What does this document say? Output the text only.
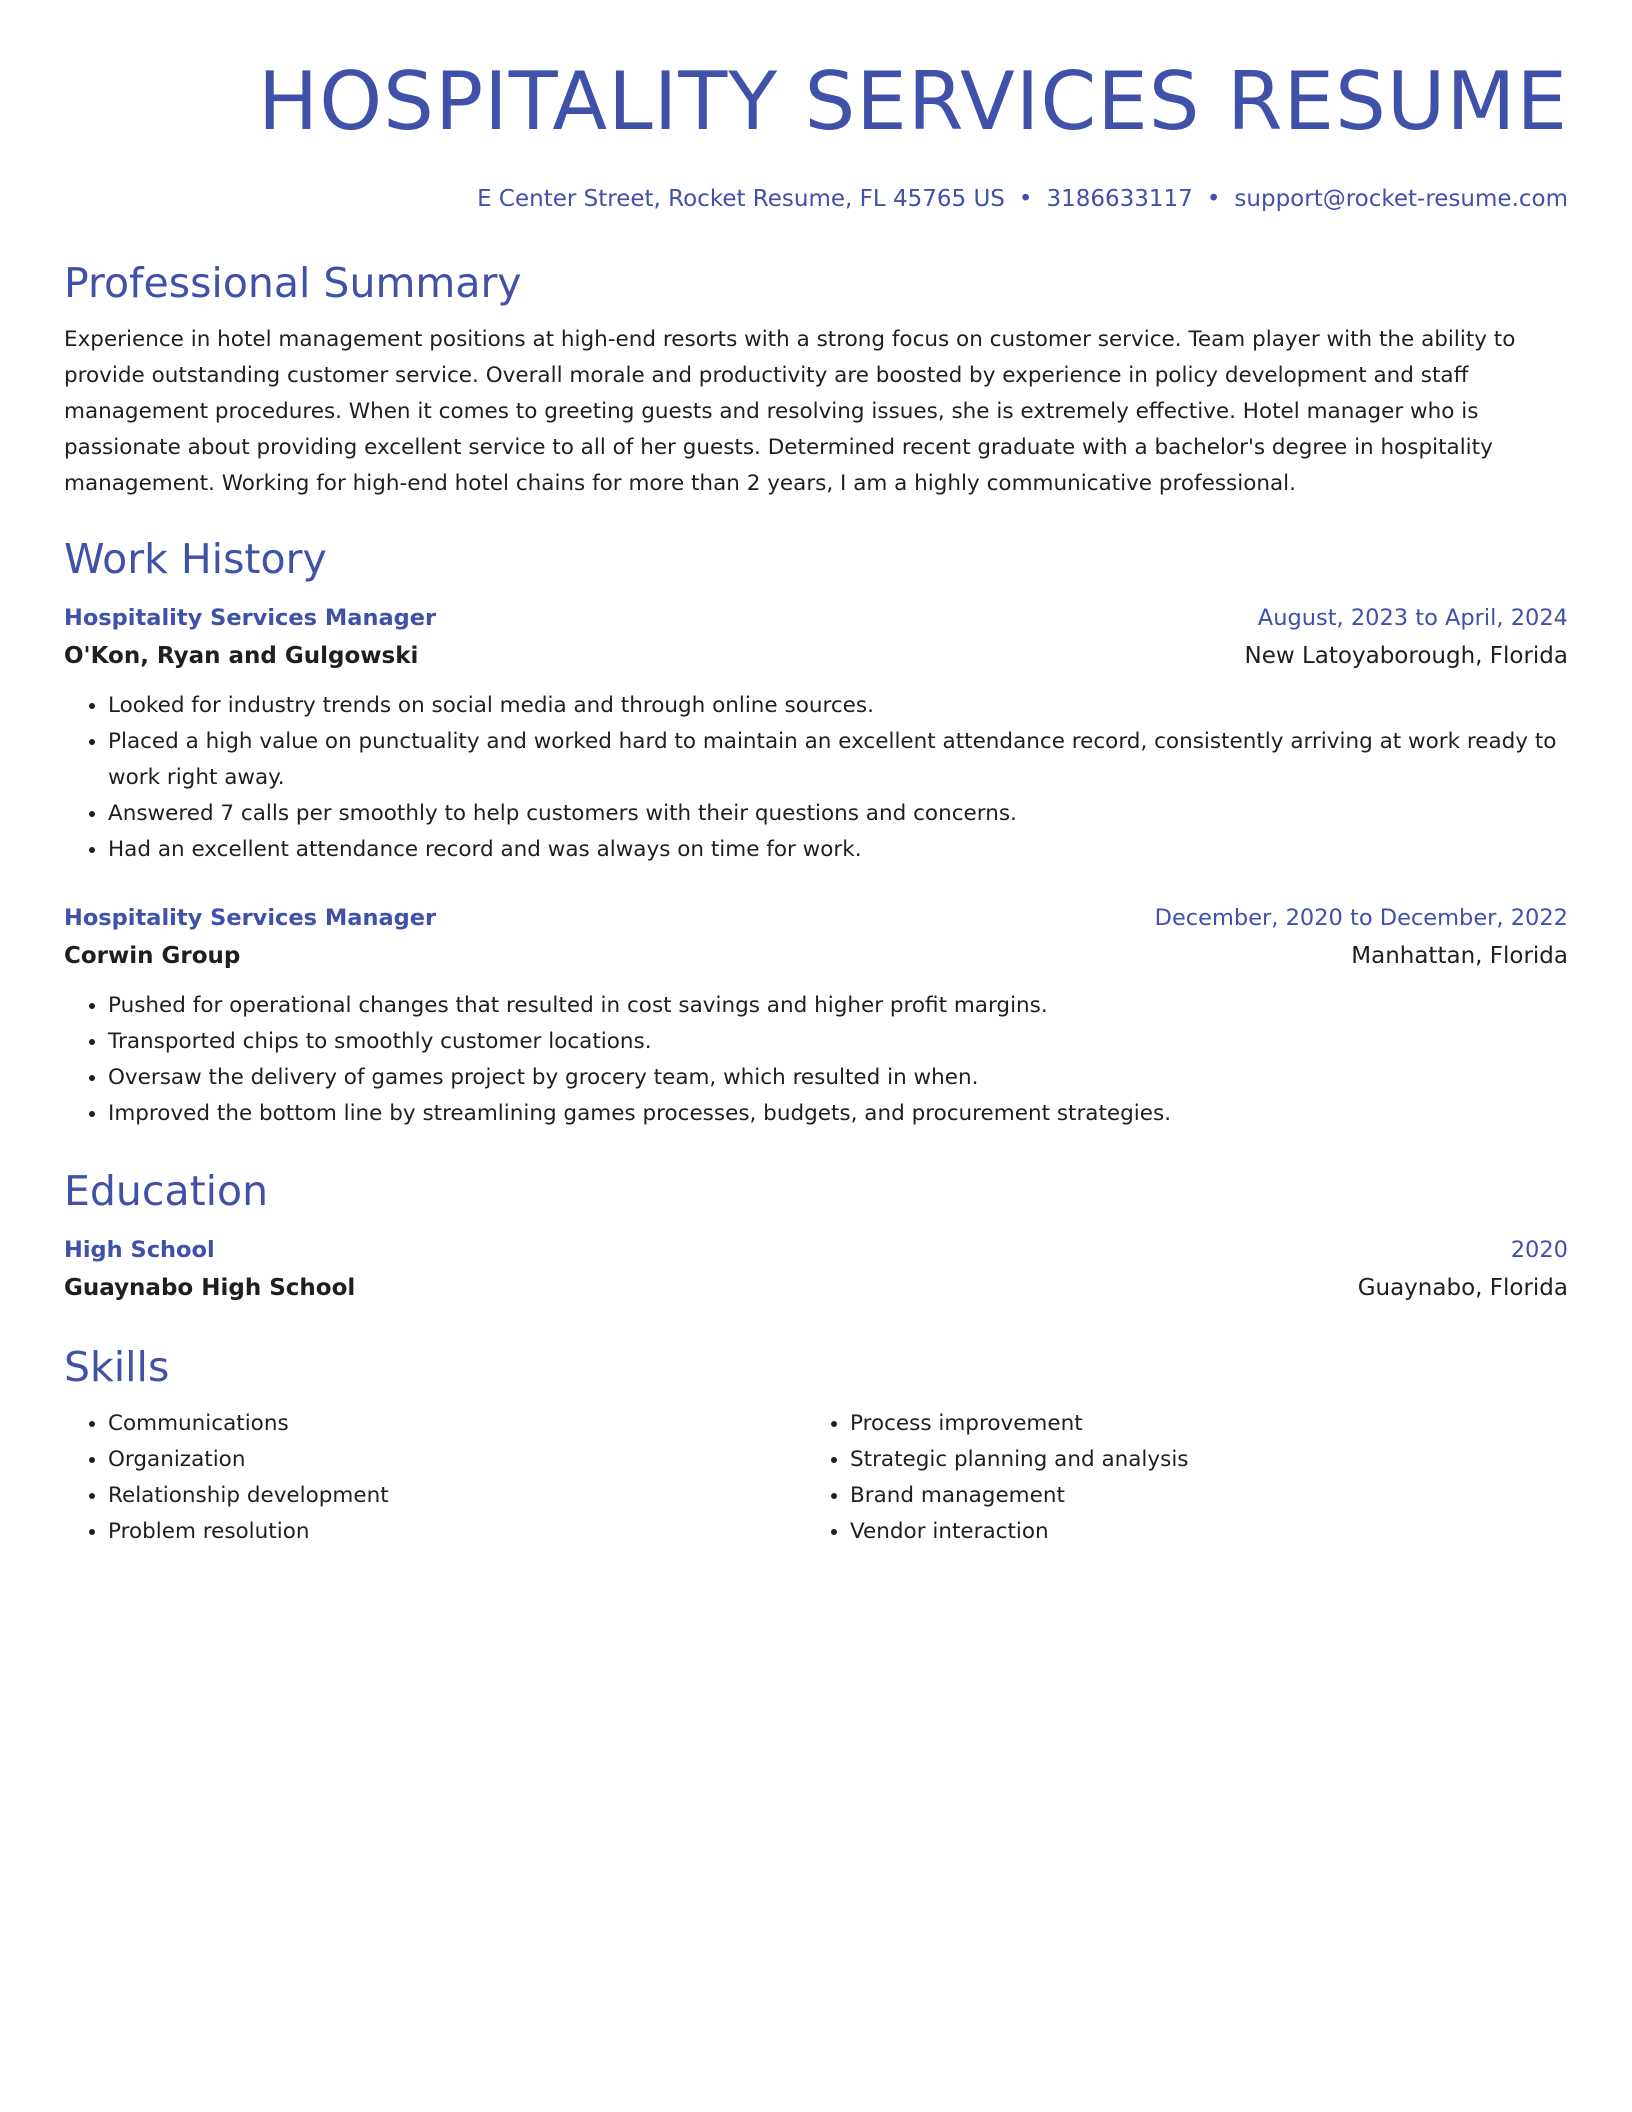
HOSPITALITY SERVICES RESUME
E Center Street, Rocket Resume, FL 45765 US • 3186633117 • support@rocket-resume.com
Professional Summary

Experience in hotel management positions at high-end resorts with a strong focus on customer service. Team player with the ability to provide outstanding customer service. Overall morale and productivity are boosted by experience in policy development and staff management procedures. When it comes to greeting guests and resolving issues, she is extremely effective. Hotel manager who is passionate about providing excellent service to all of her guests. Determined recent graduate with a bachelor's degree in hospitality management. Working for high-end hotel chains for more than 2 years, I am a highly communicative professional.

Work History
Hospitality Services Manager	August, 2023 to April, 2024
O'Kon, Ryan and Gulgowski	New Latoyaborough, Florida
• Looked for industry trends on social media and through online sources.
• Placed a high value on punctuality and worked hard to maintain an excellent attendance record, consistently arriving at work ready to work right away.
• Answered 7 calls per smoothly to help customers with their questions and concerns.
• Had an excellent attendance record and was always on time for work.
Hospitality Services Manager	December, 2020 to December, 2022
Corwin Group	Manhattan, Florida
• Pushed for operational changes that resulted in cost savings and higher profit margins.
• Transported chips to smoothly customer locations.
• Oversaw the delivery of games project by grocery team, which resulted in when.
• Improved the bottom line by streamlining games processes, budgets, and procurement strategies.
Education
High School	2020
Guaynabo High School	Guaynabo, Florida
Skills
• Communications
• Organization
• Relationship development
• Problem resolution
• Process improvement
• Strategic planning and analysis
• Brand management
• Vendor interaction
